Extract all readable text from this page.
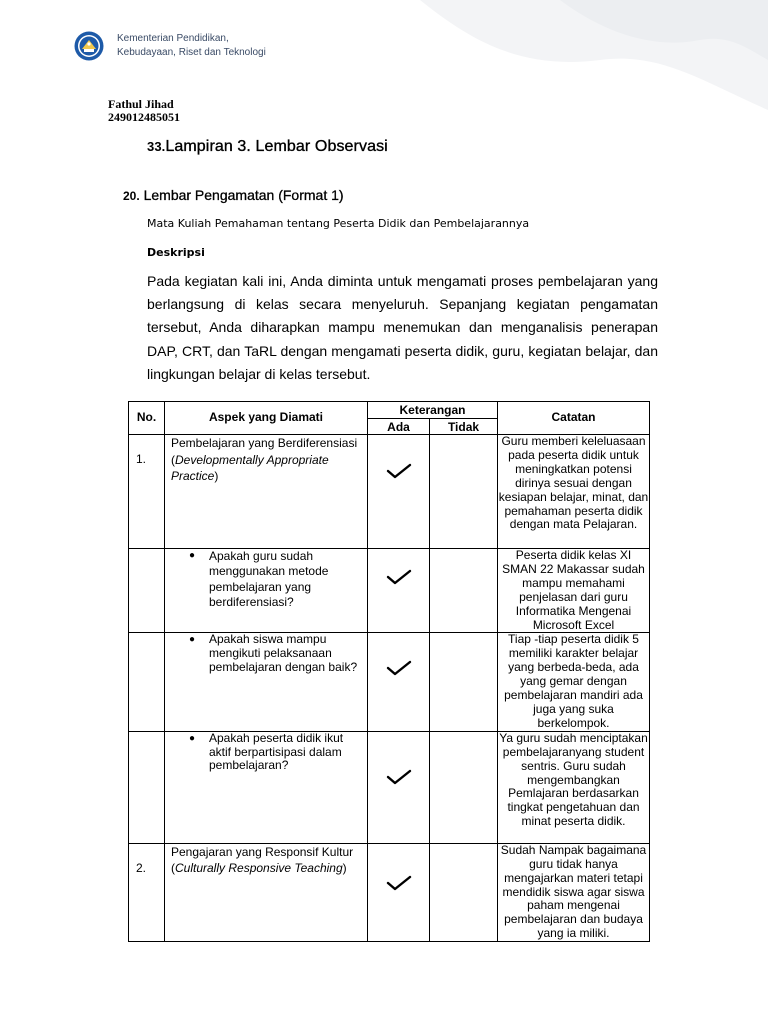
Kementerian Pendidikan,
Kebudayaan, Riset dan Teknologi
Fathul Jihad
249012485051
33.Lampiran 3. Lembar Observasi
20. Lembar Pengamatan (Format 1)
Mata Kuliah Pemahaman tentang Peserta Didik dan Pembelajarannya
Deskripsi

Pada kegiatan kali ini, Anda diminta untuk mengamati proses pembelajaran yang berlangsung di kelas secara menyeluruh. Sepanjang kegiatan pengamatan tersebut, Anda diharapkan mampu menemukan dan menganalisis penerapan DAP, CRT, dan TaRL dengan mengamati peserta didik, guru, kegiatan belajar, dan lingkungan belajar di kelas tersebut.

No.	Aspek yang Diamati	Keterangan		Catatan
		Ada	Tidak	
1.	Pembelajaran yang Berdiferensiasi (Developmentally Appropriate Practice)			Guru memberi keleluasaan pada peserta didik untuk meningkatkan potensi dirinya sesuai dengan kesiapan belajar, minat, dan pemahaman peserta didik dengan mata Pelajaran.

	● Apakah guru sudah menggunakan metode pembelajaran yang berdiferensiasi?			Peserta didik kelas XI SMAN 22 Makassar sudah mampu memahami penjelasan dari guru Informatika Mengenai Microsoft Excel

	● Apakah siswa mampu mengikuti pelaksanaan pembelajaran dengan baik?			Tiap -tiap peserta didik 5 memiliki karakter belajar yang berbeda-beda, ada yang gemar dengan pembelajaran mandiri ada juga yang suka berkelompok.

	● Apakah peserta didik ikut aktif berpartisipasi dalam pembelajaran?			Ya guru sudah menciptakan pembelajaranyang student sentris. Guru sudah mengembangkan Pemlajaran berdasarkan tingkat pengetahuan dan minat peserta didik.
2.	Pengajaran yang Responsif Kultur (Culturally Responsive Teaching)			Sudah Nampak bagaimana guru tidak hanya mengajarkan materi tetapi mendidik siswa agar siswa paham mengenai pembelajaran dan budaya yang ia miliki.
